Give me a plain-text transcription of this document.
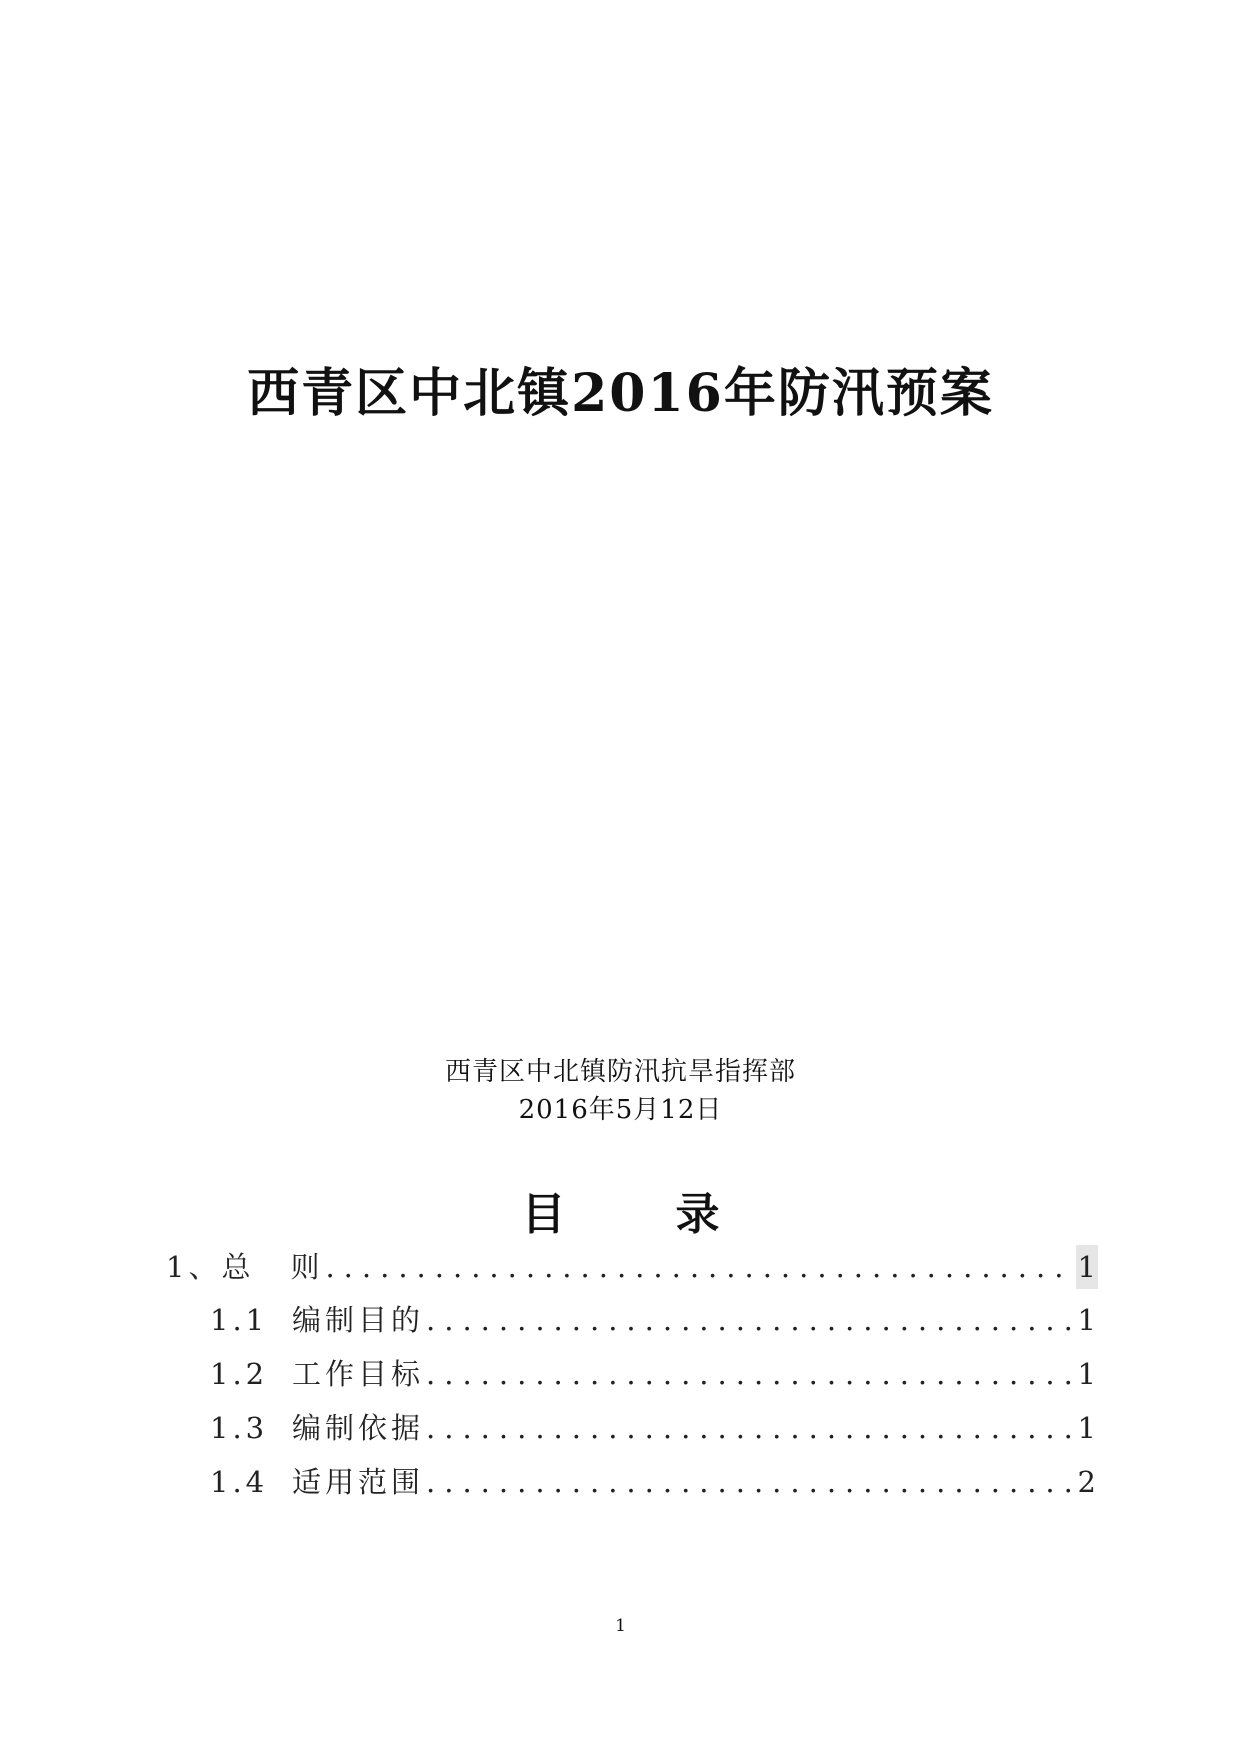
西青区中北镇2016年防汛预案
西青区中北镇防汛抗旱指挥部
2016年5月12日
目	录
1、总 则 .....	1
1.1 编制目的 .....	1
1.2 工作目标 .....	1
1.3 编制依据 .....	1
1.4 适用范围 .....	2
1
